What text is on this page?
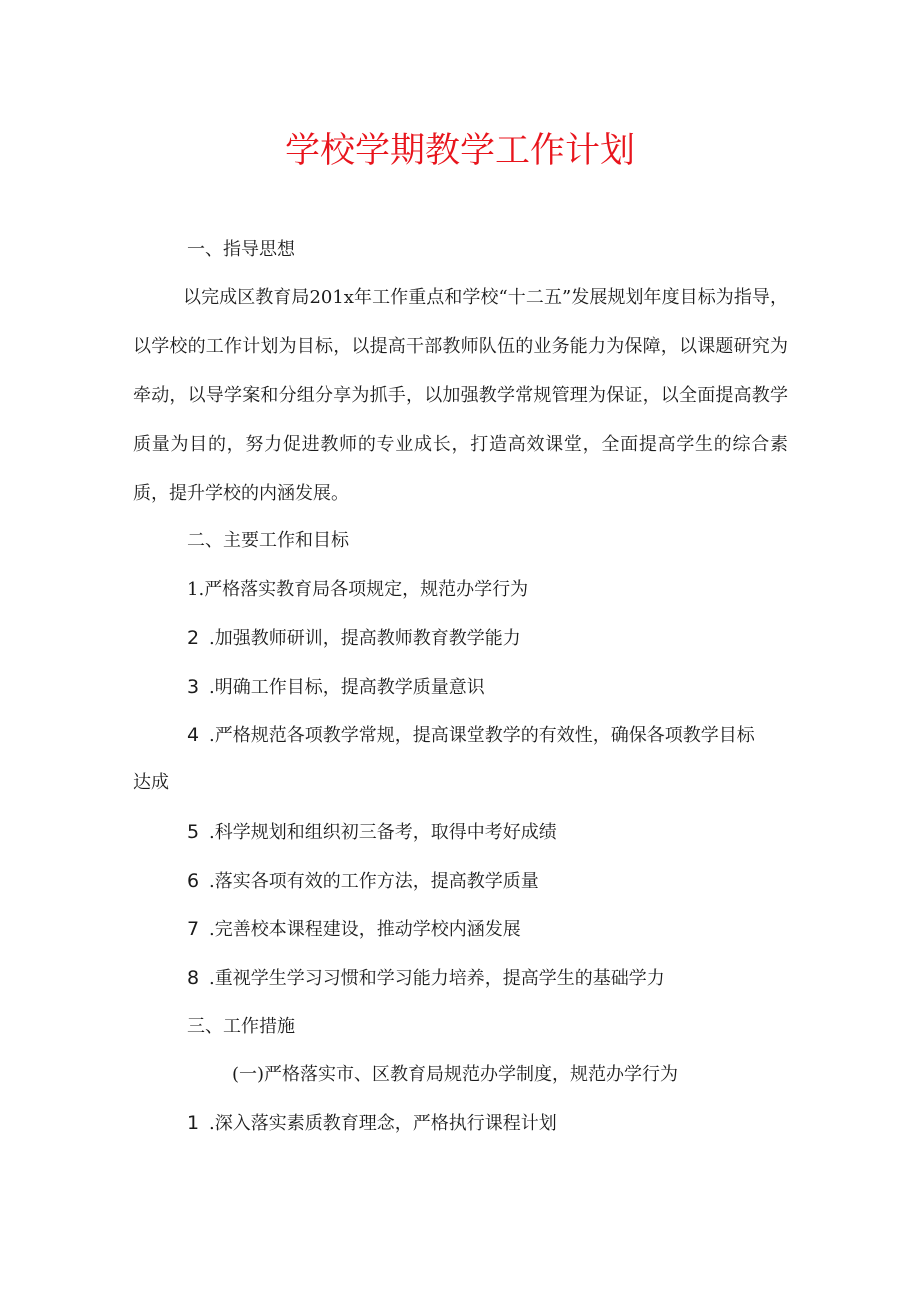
学校学期教学工作计划

一、指导思想

以完成区教育局201x年工作重点和学校“十二五”发展规划年度目标为指导，以学校的工作计划为目标，以提高干部教师队伍的业务能力为保障，以课题研究为牵动，以导学案和分组分享为抓手，以加强教学常规管理为保证，以全面提高教学质量为目的，努力促进教师的专业成长，打造高效课堂，全面提高学生的综合素质，提升学校的内涵发展。

二、主要工作和目标

1.严格落实教育局各项规定，规范办学行为

2 .加强教师研训，提高教师教育教学能力

3 .明确工作目标，提高教学质量意识

4 .严格规范各项教学常规，提高课堂教学的有效性，确保各项教学目标

达成

5 .科学规划和组织初三备考，取得中考好成绩

6 .落实各项有效的工作方法，提高教学质量

7 .完善校本课程建设，推动学校内涵发展

8 .重视学生学习习惯和学习能力培养，提高学生的基础学力

三、工作措施

(一)严格落实市、区教育局规范办学制度，规范办学行为

1 .深入落实素质教育理念，严格执行课程计划
